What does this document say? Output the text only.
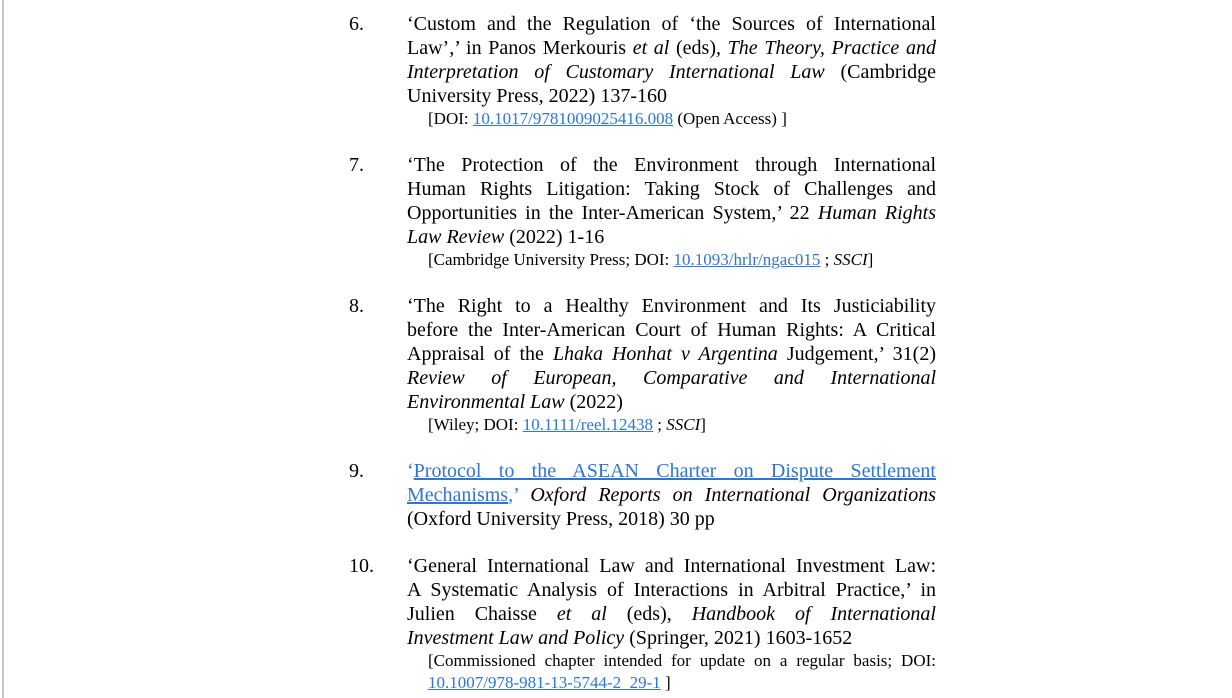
6.	‘Custom and the Regulation of ‘the Sources of International
Law’,’ in Panos Merkouris et al (eds), The Theory, Practice and
Interpretation of Customary International Law (Cambridge
University Press, 2022) 137-160
[DOI: 10.1017/9781009025416.008 (Open Access) ]
7.	‘The Protection of the Environment through International
Human Rights Litigation: Taking Stock of Challenges and
Opportunities in the Inter-American System,’ 22 Human Rights
Law Review (2022) 1-16
[Cambridge University Press; DOI: 10.1093/hrlr/ngac015 ; SSCI]
8.	‘The Right to a Healthy Environment and Its Justiciability
before the Inter-American Court of Human Rights: A Critical
Appraisal of the Lhaka Honhat v Argentina Judgement,’ 31(2)
Review of European, Comparative and International
Environmental Law (2022)
[Wiley; DOI: 10.1111/reel.12438 ; SSCI]
9.	‘Protocol to the ASEAN Charter on Dispute Settlement
Mechanisms,’ Oxford Reports on International Organizations
(Oxford University Press, 2018) 30 pp
10.	‘General International Law and International Investment Law:
A Systematic Analysis of Interactions in Arbitral Practice,’ in
Julien Chaisse et al (eds), Handbook of International
Investment Law and Policy (Springer, 2021) 1603-1652
[Commissioned chapter intended for update on a regular basis; DOI:
10.1007/978-981-13-5744-2_29-1 ]
